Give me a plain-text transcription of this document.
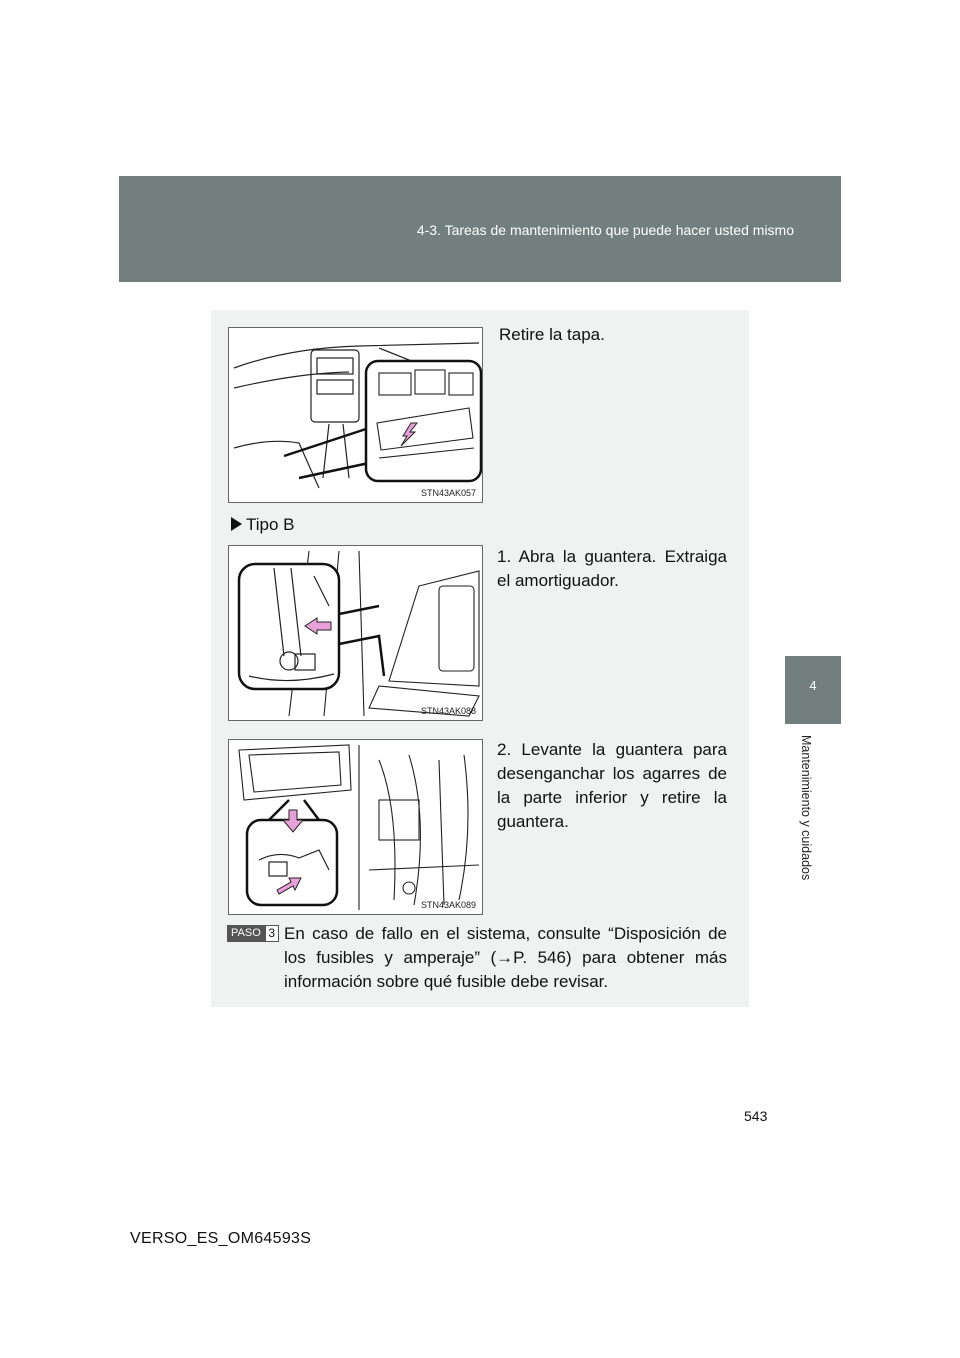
4-3. Tareas de mantenimiento que puede hacer usted mismo
4
Mantenimiento y cuidados
STN43AK057
Retire la tapa.
Tipo B
STN43AK088
1. Abra la guantera. Extraiga el amortiguador.
STN43AK089
2. Levante la guantera para desenganchar los agarres de la parte inferior y retire la guantera.
PASO 3 En caso de fallo en el sistema, consulte “Disposición de los fusibles y amperaje” (→P. 546) para obtener más información sobre qué fusible debe revisar.
543
VERSO_ES_OM64593S
